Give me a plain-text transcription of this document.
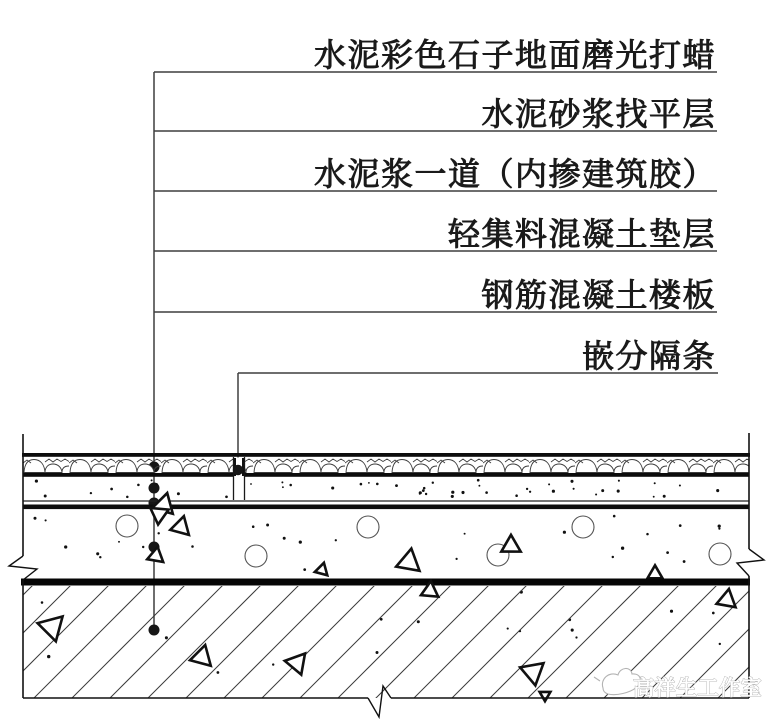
水泥彩色石子地面磨光打蜡
水泥砂浆找平层
水泥浆一道（内掺建筑胶）
轻集料混凝土垫层
钢筋混凝土楼板
嵌分隔条
高祥生工作室
